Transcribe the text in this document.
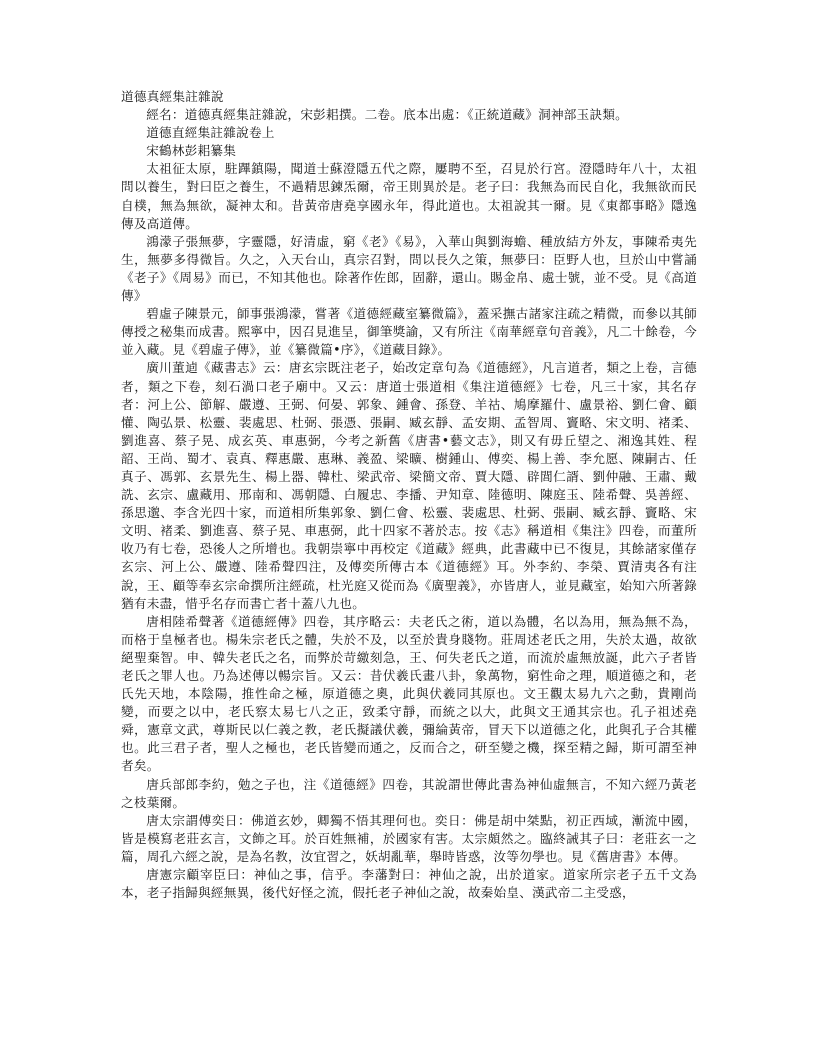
道德真經集註雜說

經名：道德真經集註雜說，宋彭耜撰。二卷。底本出處：《正統道藏》洞神部玉訣類。

道德直經集註雜說卷上

宋鶴林彭耜纂集

太祖征太原，駐蹕鎮陽，聞道士蘇澄隱五代之際，屢聘不至，召見於行宮。澄隱時年八十，太祖問以養生，對曰臣之養生，不過精思鍊炁爾，帝王則異於是。老子曰：我無為而民自化，我無欲而民自樸，無為無欲，凝神太和。昔黃帝唐堯享國永年，得此道也。太祖說其一爾。見《東都事略》隱逸傳及高道傳。

鴻濛子張無夢，字靈隱，好清虛，窮《老》《易》，入華山與劉海蟾、種放結方外友，事陳希夷先生，無夢多得微旨。久之，入天台山，真宗召對，問以長久之策，無夢曰：臣野人也，旦於山中嘗誦《老子》《周易》而已，不知其他也。除著作佐郎，固辭，還山。賜金帛、處士號，並不受。見《高道傳》

碧虛子陳景元，師事張鴻濛，嘗著《道德經藏室纂微篇》，蓋采撫古諸家注疏之精微，而參以其師傳授之秘集而成書。熙寧中，因召見進呈，御筆獎諭，又有所注《南華經章句音義》，凡二十餘卷，今並入藏。見《碧虛子傳》，並《纂微篇•序》，《道藏目錄》。

廣川董逌《藏書志》云：唐玄宗既注老子，始改定章句為《道德經》，凡言道者，類之上卷，言德者，類之下卷，刻石渦口老子廟中。又云：唐道士張道相《集注道德經》七卷，凡三十家，其名存者：河上公、節解、嚴遵、王弼、何晏、郭象、鍾會、孫登、羊祜、鳩摩羅什、盧景裕、劉仁會、顧懽、陶弘景、松靈、裴處思、杜弼、張憑、張嗣、臧玄靜、孟安期、孟智周、竇略、宋文明、褚柔、劉進喜、蔡子晃、成玄英、車惠弼，今考之新舊《唐書•藝文志》，則又有毋丘望之、湘逸其姓、程韶、王尚、蜀才、袁真、釋惠嚴、惠琳、義盈、梁曠、樹鍾山、傅奕、楊上善、李允愿、陳嗣古、任真子、馮郭、玄景先生、楊上器、韓杜、梁武帝、梁簡文帝、賈大隱、辟閭仁諝、劉仲融、王肅、戴詵、玄宗、盧藏用、邢南和、馮朝隱、白履忠、李播、尹知章、陸德明、陳庭玉、陸希聲、吳善經、孫思邈、李含光四十家，而道相所集郭象、劉仁會、松靈、裴處思、杜弼、張嗣、臧玄靜、竇略、宋文明、褚柔、劉進喜、蔡子晃、車惠弼，此十四家不著於志。按《志》稱道相《集注》四卷，而董所收乃有七卷，恐後人之所增也。我朝崇寧中再校定《道藏》經典，此書藏中已不復見，其餘諸家僅存玄宗、河上公、嚴遵、陸希聲四注，及傅奕所傳古本《道德經》耳。外李約、李榮、賈清夷各有注說，王、顧等奉玄宗命撰所注經疏，杜光庭又從而為《廣聖義》，亦皆唐人，並見藏室，始知六所著錄猶有未盡，惜乎名存而書亡者十蓋八九也。

唐相陸希聲著《道德經傳》四卷，其序略云：夫老氏之術，道以為體，名以為用，無為無不為，而格于皇極者也。楊朱宗老氏之體，失於不及，以至於貴身賤物。莊周述老氏之用，失於太過，故欲絕聖棄智。申、韓失老氏之名，而弊於苛繳刻急，王、何失老氏之道，而流於虛無放誕，此六子者皆老氏之罪人也。乃為述傳以暢宗旨。又云：昔伏羲氏畫八卦，象萬物，窮性命之理，順道德之和，老氏先天地，本陰陽，推性命之極，原道德之奧，此與伏羲同其原也。文王觀太易九六之動，貴剛尚變，而要之以中，老氏察太易七八之正，致柔守靜，而統之以大，此與文王通其宗也。孔子祖述堯舜，憲章文武，尊斯民以仁義之教，老氏擬議伏羲，彌綸黃帝，冒天下以道德之化，此與孔子合其權也。此三君子者，聖人之極也，老氏皆變而通之，反而合之，研至變之機，探至精之歸，斯可謂至神者矣。

唐兵部郎李約，勉之子也，注《道德經》四卷，其說謂世傳此書為神仙虛無言，不知六經乃黃老之枝葉爾。

唐太宗謂傅奕日：佛道玄妙，卿獨不悟其理何也。奕日：佛是胡中桀點，初正西域，漸流中國，皆是模寫老莊玄言，文飾之耳。於百姓無補，於國家有害。太宗頗然之。臨終誡其子曰：老莊玄一之篇，周孔六經之說，是為名教，汝宜習之，妖胡亂華，舉時皆惑，汝等勿學也。見《舊唐書》本傳。

唐憲宗顧宰臣曰：神仙之事，信乎。李藩對曰：神仙之說，出於道家。道家所宗老子五千文為本，老子指歸與經無異，後代好怪之流，假托老子神仙之說，故秦始皇、漢武帝二主受惑，
